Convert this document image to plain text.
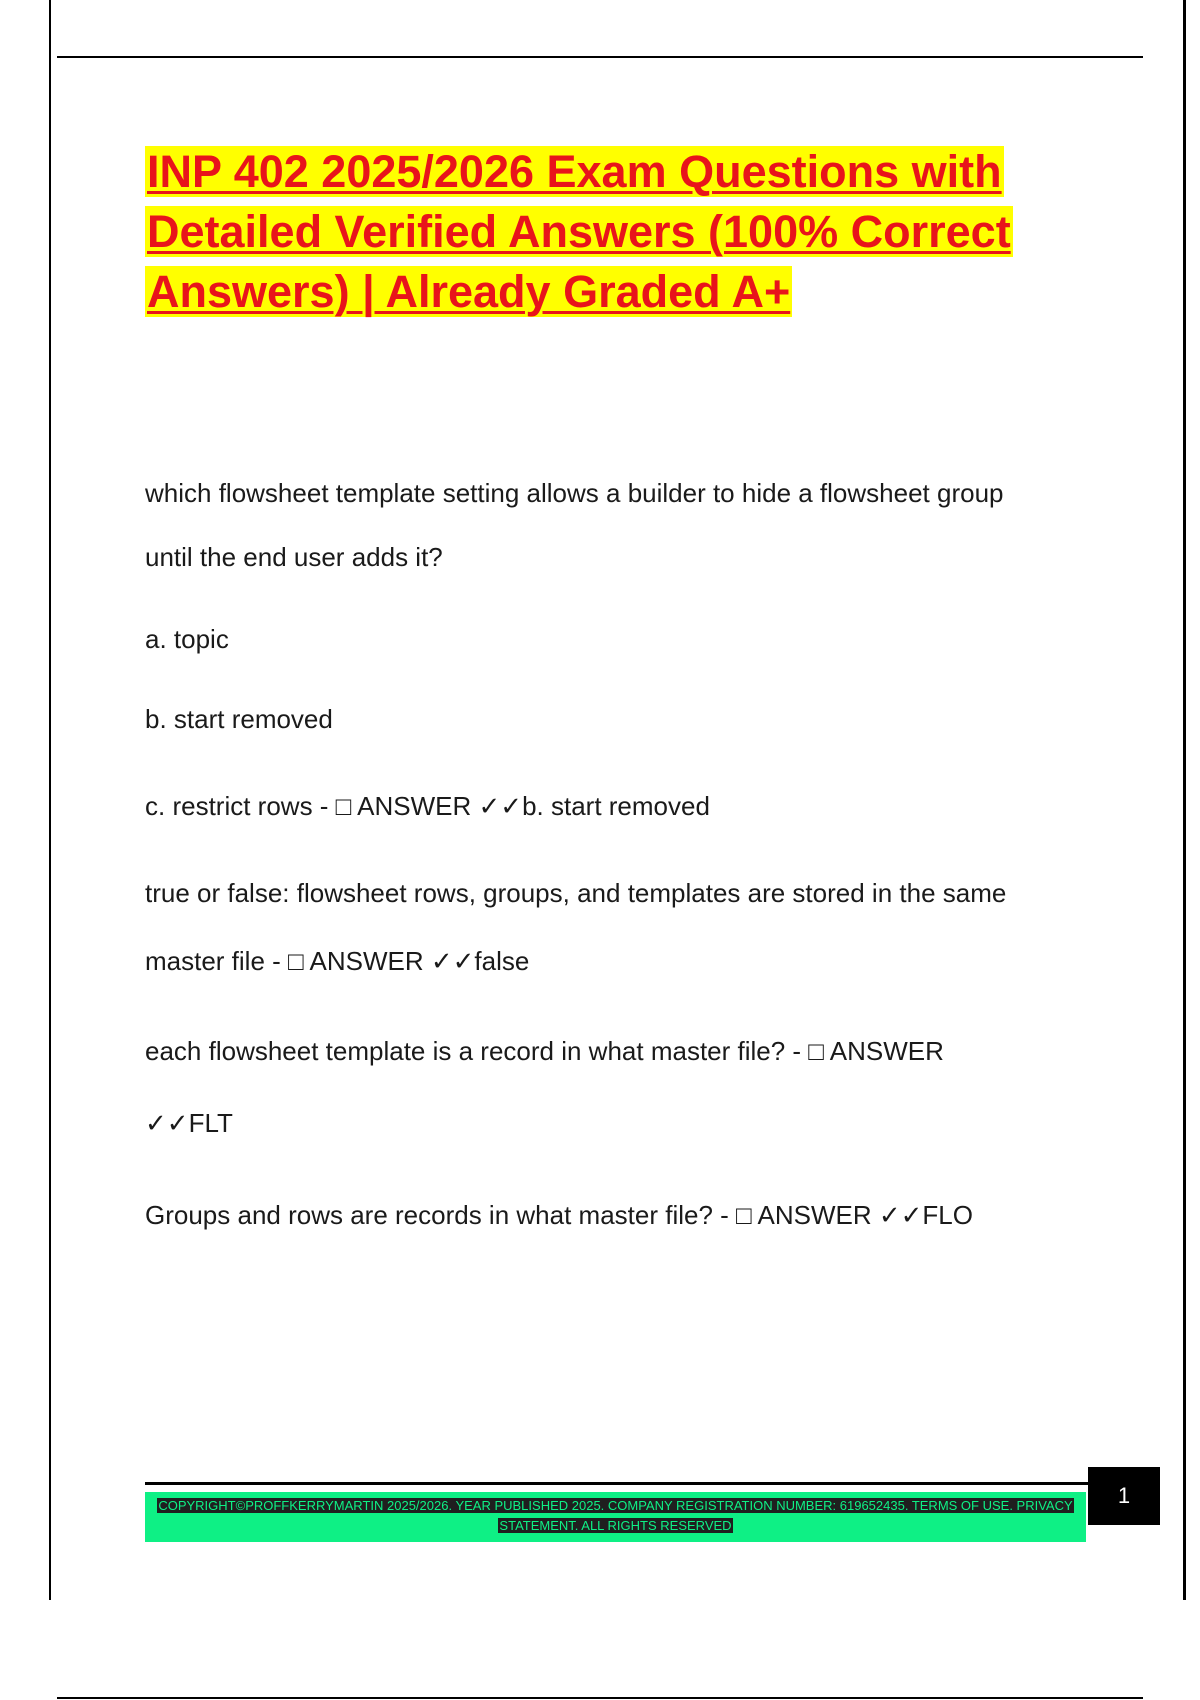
INP 402 2025/2026 Exam Questions with Detailed Verified Answers (100% Correct Answers) | Already Graded A+

which flowsheet template setting allows a builder to hide a flowsheet group

until the end user adds it?

a. topic

b. start removed

c. restrict rows - □ ANSWER ✓✓b. start removed

true or false: flowsheet rows, groups, and templates are stored in the same

master file - □ ANSWER ✓✓false

each flowsheet template is a record in what master file? - □ ANSWER

✓✓FLT

Groups and rows are records in what master file? - □ ANSWER ✓✓FLO

COPYRIGHT©PROFFKERRYMARTIN 2025/2026. YEAR PUBLISHED 2025. COMPANY REGISTRATION NUMBER: 619652435. TERMS OF USE. PRIVACY STATEMENT. ALL RIGHTS RESERVED
1
